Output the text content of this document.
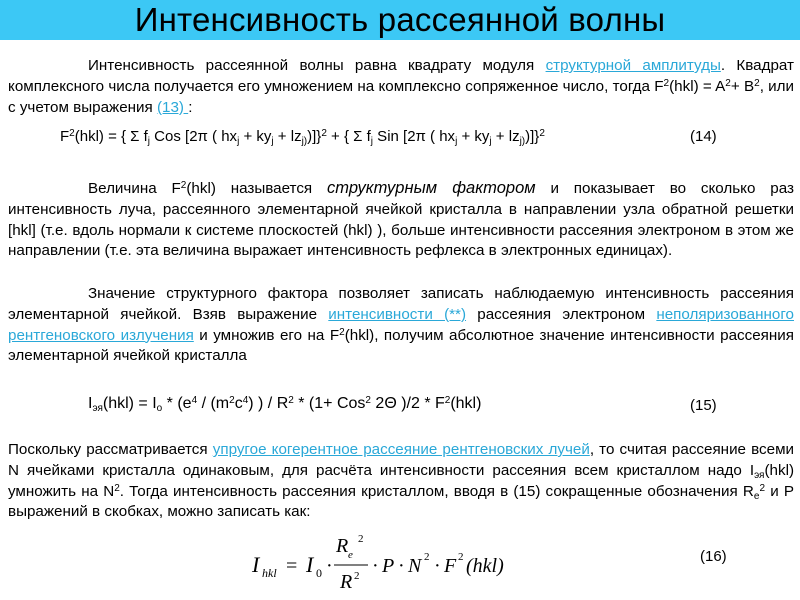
Интенсивность рассеянной волны
Интенсивность рассеянной волны равна квадрату модуля структурной амплитуды. Квадрат комплексного числа получается его умножением на комплексно сопряженное число, тогда $F^2(hkl) = A^2+ B^2$, или с учетом выражения (13) :
$F^2(hkl)$ = { Σ $f_j$ Cos [2π ( $hx_j + ky_j + lz_{j)})]\}^2$ + { Σ $f_j$ Sin [2π ( $hx_j + ky_j + lz_{j)})]\}^2$	(14)
Величина $F^2(hkl)$ называется структурным фактором и показывает во сколько раз интенсивность луча, рассеянного элементарной ячейкой кристалла в направлении узла обратной решетки [hkl] (т.е. вдоль нормали к системе плоскостей (hkl) ), больше интенсивности рассеяния электроном в этом же направлении (т.е. эта величина выражает интенсивность рефлекса в электронных единицах).
Значение структурного фактора позволяет записать наблюдаемую интенсивность рассеяния элементарной ячейкой. Взяв выражение интенсивности (**) рассеяния электроном неполяризованного рентгеновского излучения и умножив его на $F^2(hkl)$, получим абсолютное значение интенсивности рассеяния элементарной ячейкой кристалла
$I_{эя}(hkl) = I_o * (e^4 / (m^2c^4)$ ) / $R^2 * (1+ Cos^2$ 2Θ )$/2 * F^2(hkl)$	(15)
Поскольку рассматривается упругое когерентное рассеяние рентгеновских лучей, то считая рассеяние всеми N ячейками кристалла одинаковым, для расчёта интенсивности рассеяния всем кристаллом надо $I_{эя}(hkl)$ умножить на $N^2$. Тогда интенсивность рассеяния кристаллом, вводя в (15) сокращенные обозначения $R_e^2$ и P выражений в скобках, можно записать как:
I hkl = I 0 ·
R e
2
R 2 · P · N 2 · F 2 (hkl)	(16)
